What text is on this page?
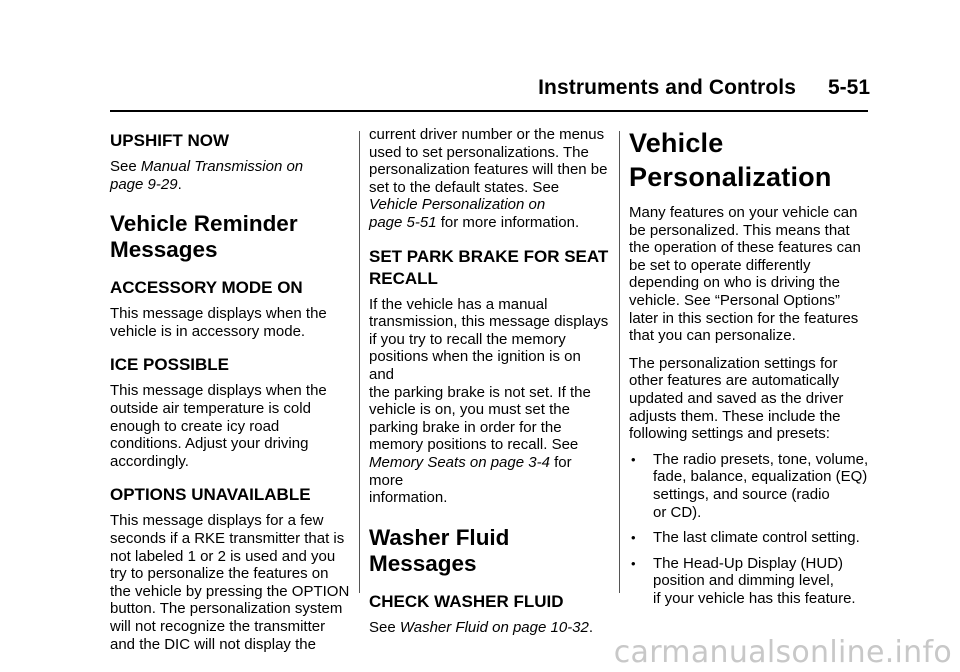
Instruments and Controls 5-51

UPSHIFT NOW

See Manual Transmission on
page 9-29.

Vehicle Reminder
Messages

ACCESSORY MODE ON

This message displays when the
vehicle is in accessory mode.

ICE POSSIBLE

This message displays when the
outside air temperature is cold
enough to create icy road
conditions. Adjust your driving
accordingly.

OPTIONS UNAVAILABLE

This message displays for a few
seconds if a RKE transmitter that is
not labeled 1 or 2 is used and you
try to personalize the features on
the vehicle by pressing the OPTION
button. The personalization system
will not recognize the transmitter
and the DIC will not display the

current driver number or the menus
used to set personalizations. The
personalization features will then be
set to the default states. See
Vehicle Personalization on
page 5-51 for more information.

SET PARK BRAKE FOR SEAT
RECALL

If the vehicle has a manual
transmission, this message displays
if you try to recall the memory
positions when the ignition is on and
the parking brake is not set. If the
vehicle is on, you must set the
parking brake in order for the
memory positions to recall. See
Memory Seats on page 3-4 for more
information.

Washer Fluid Messages

CHECK WASHER FLUID

See Washer Fluid on page 10-32.

Vehicle
Personalization

Many features on your vehicle can
be personalized. This means that
the operation of these features can
be set to operate differently
depending on who is driving the
vehicle. See “Personal Options”
later in this section for the features
that you can personalize.

The personalization settings for
other features are automatically
updated and saved as the driver
adjusts them. These include the
following settings and presets:

• The radio presets, tone, volume,
fade, balance, equalization (EQ)
settings, and source (radio
or CD).
• The last climate control setting.
• The Head-Up Display (HUD)
position and dimming level,
if your vehicle has this feature.
carmanualsonline.info
